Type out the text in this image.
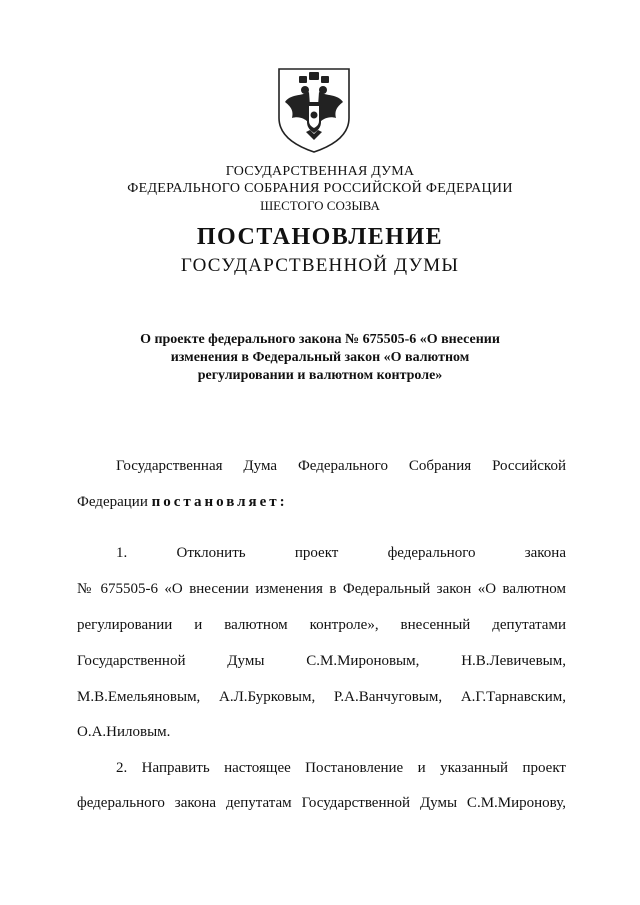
ГОСУДАРСТВЕННАЯ ДУМА
ФЕДЕРАЛЬНОГО СОБРАНИЯ РОССИЙСКОЙ ФЕДЕРАЦИИ
ШЕСТОГО СОЗЫВА
ПОСТАНОВЛЕНИЕ
ГОСУДАРСТВЕННОЙ ДУМЫ
О проекте федерального закона № 675505-6 «О внесении
изменения в Федеральный закон «О валютном
регулировании и валютном контроле»
Государственная Дума Федерального Собрания Российской
Федерации постановляет:
1. Отклонить проект федерального закона
№ 675505-6 «О внесении изменения в Федеральный закон «О валютном
регулировании и валютном контроле», внесенный депутатами
Государственной Думы С.М.Мироновым, Н.В.Левичевым,
М.В.Емельяновым, А.Л.Бурковым, Р.А.Ванчуговым, А.Г.Тарнавским,
О.А.Ниловым.
2. Направить настоящее Постановление и указанный проект
федерального закона депутатам Государственной Думы С.М.Миронову,
